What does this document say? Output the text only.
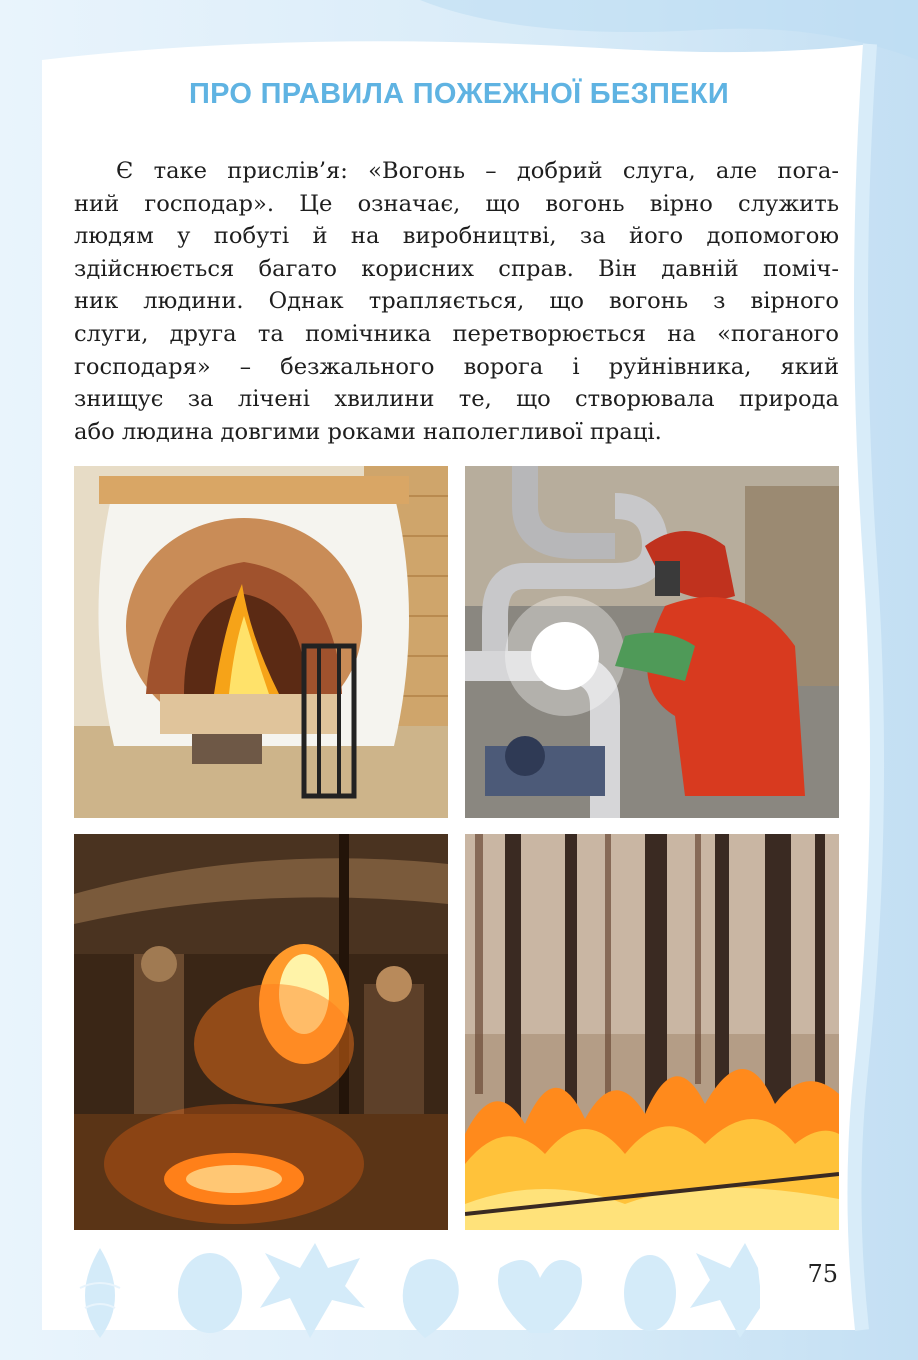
ПРО ПРАВИЛА ПОЖЕЖНОЇ БЕЗПЕКИ
Є таке прислів’я: «Вогонь – добрий слуга, але пога-
ний господар». Це означає, що вогонь вірно служить
людям у побуті й на виробництві, за його допомогою
здійснюється багато корисних справ. Він давній поміч-
ник людини. Однак трапляється, що вогонь з вірного
слуги, друга та помічника перетворюється на «поганого
господаря» – безжального ворога і руйнівника, який
знищує за лічені хвилини те, що створювала природа
або людина довгими роками наполегливої праці.
75
